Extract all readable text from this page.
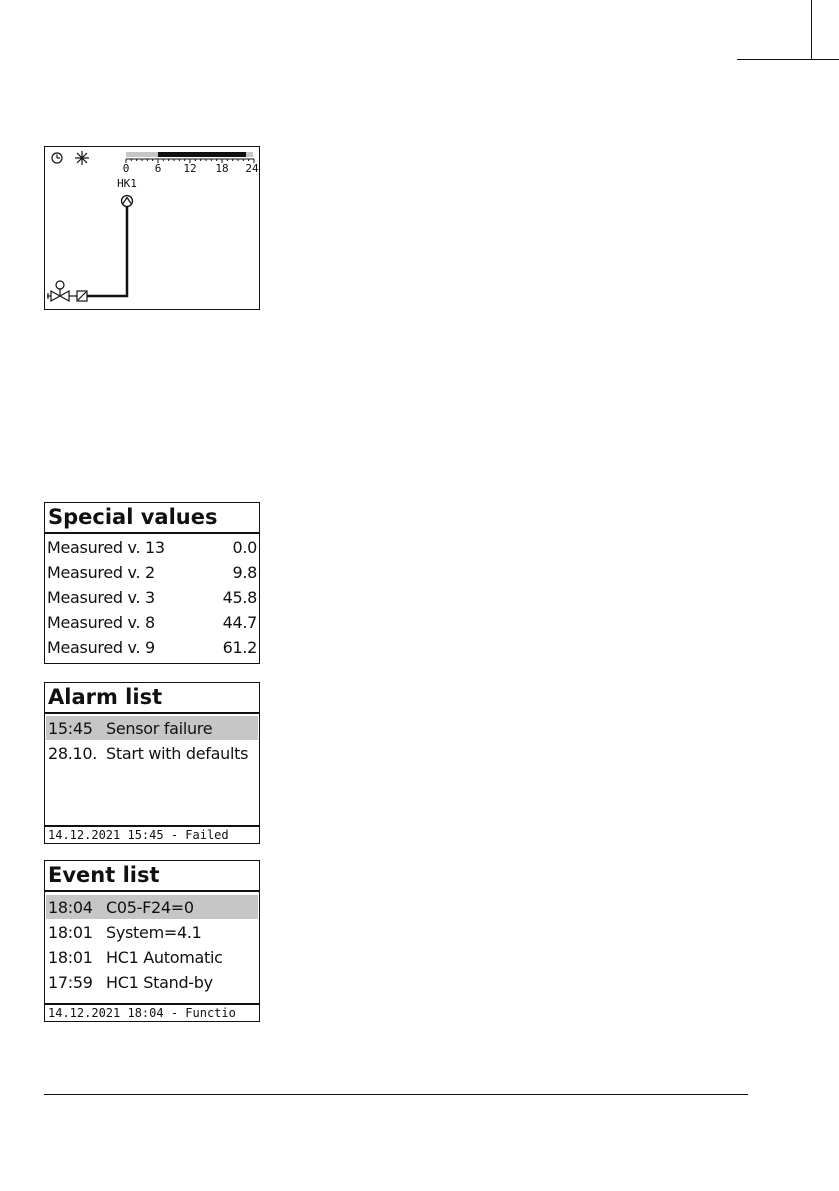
0 6 12 18 24
HK1
Special values
Measured v. 13	0.0
Measured v. 2	9.8
Measured v. 3	45.8
Measured v. 8	44.7
Measured v. 9	61.2
Alarm list
15:45 Sensor failure
28.10. Start with defaults
14.12.2021 15:45 - Failed
Event list
18:04 C05-F24=0
18:01 System=4.1
18:01 HC1 Automatic
17:59 HC1 Stand-by
14.12.2021 18:04 - Functio
